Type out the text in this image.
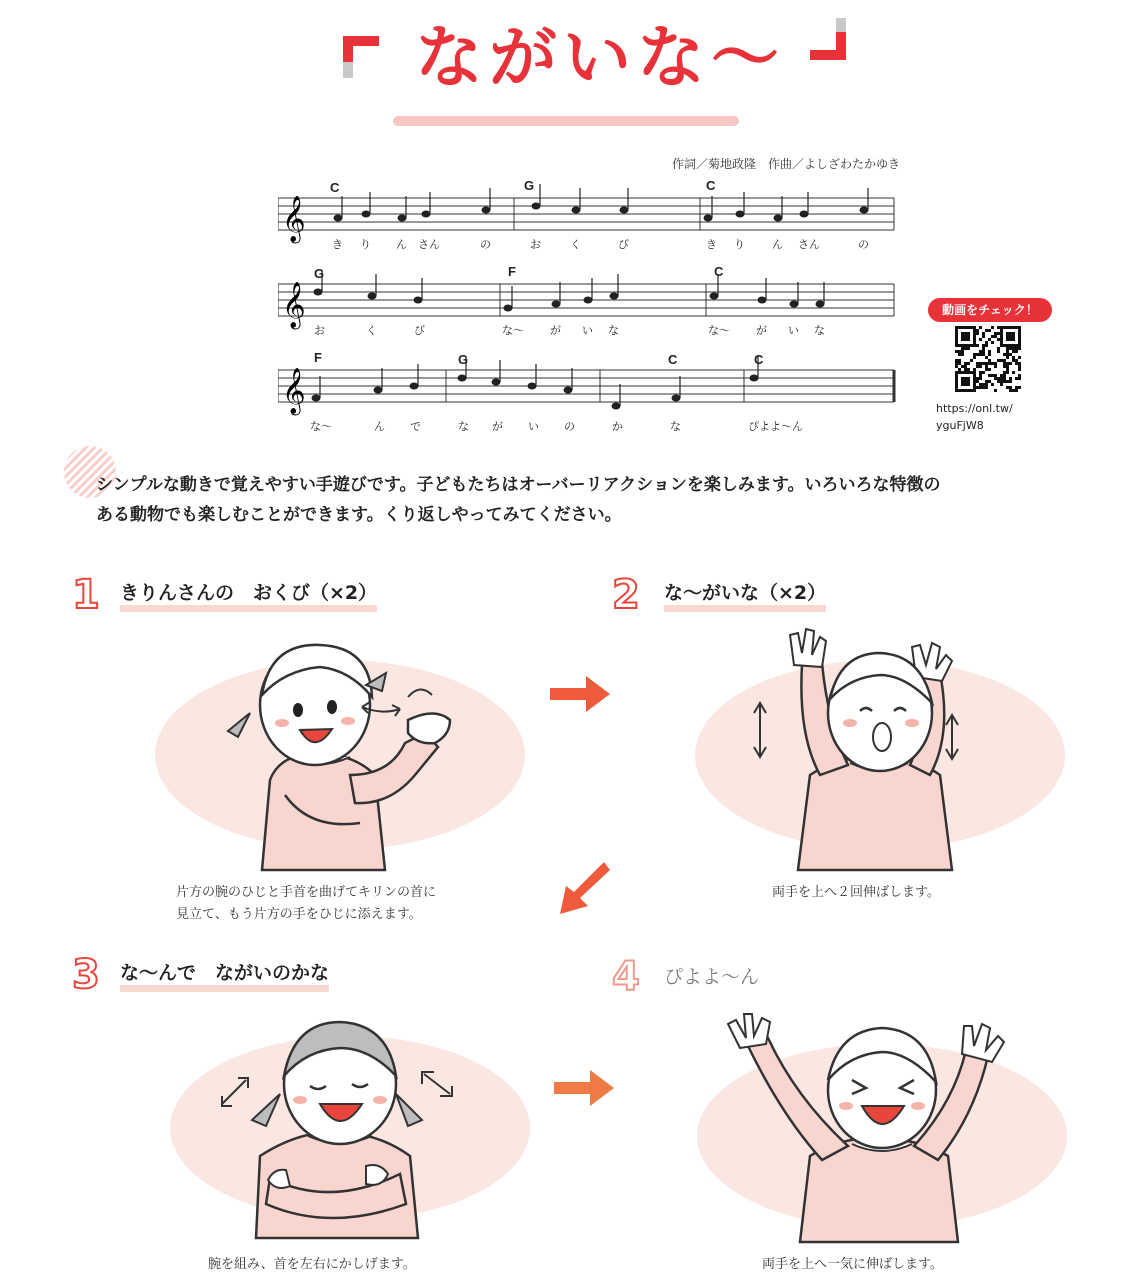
ながいな〜
作詞／菊地政隆　作曲／よしざわたかゆき
𝄞
𝄞
𝄞
C	G	C
G	F	C
F	G	C	C
き り ん さん	の	お	く	び	き り ん さん	の
お	く	び	な〜 が い な	な〜 が い な
な〜	ん で	な が い の	か	な	ぴよよ〜ん
動画をチェック！
https://onl.tw/
yguFjW8
シンプルな動きで覚えやすい手遊びです。子どもたちはオーバーリアクションを楽しみます。いろいろな特徴の
ある動物でも楽しむことができます。くり返しやってみてください。
1 きりんさんの　おくび（×2）
片方の腕のひじと手首を曲げてキリンの首に
見立て、もう片方の手をひじに添えます。
2 な〜がいな（×2）
両手を上へ２回伸ばします。
3 な〜んで　ながいのかな
腕を組み、首を左右にかしげます。
4 ぴよよ〜ん
両手を上へ一気に伸ばします。
